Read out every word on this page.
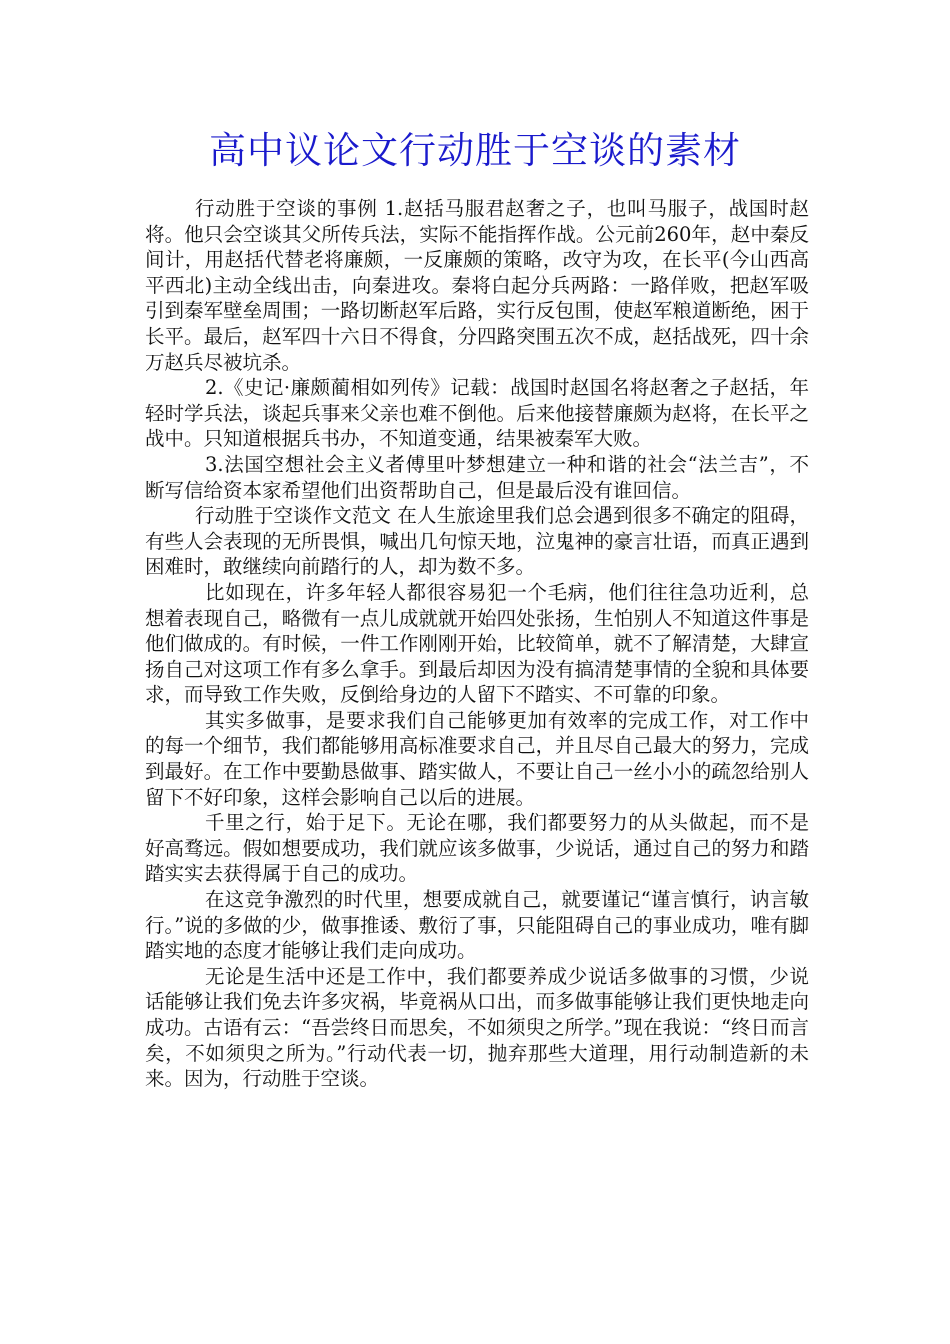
高中议论文行动胜于空谈的素材

行动胜于空谈的事例 1.赵括马服君赵奢之子，也叫马服子，战国时赵将。他只会空谈其父所传兵法，实际不能指挥作战。公元前260年，赵中秦反间计，用赵括代替老将廉颇，一反廉颇的策略，改守为攻，在长平(今山西高平西北)主动全线出击，向秦进攻。秦将白起分兵两路：一路佯败，把赵军吸引到秦军壁垒周围；一路切断赵军后路，实行反包围，使赵军粮道断绝，困于长平。最后，赵军四十六日不得食，分四路突围五次不成，赵括战死，四十余万赵兵尽被坑杀。

2.《史记·廉颇蔺相如列传》记载：战国时赵国名将赵奢之子赵括，年轻时学兵法，谈起兵事来父亲也难不倒他。后来他接替廉颇为赵将，在长平之战中。只知道根据兵书办，不知道变通，结果被秦军大败。

3.法国空想社会主义者傅里叶梦想建立一种和谐的社会“法兰吉”，不断写信给资本家希望他们出资帮助自己，但是最后没有谁回信。

行动胜于空谈作文范文 在人生旅途里我们总会遇到很多不确定的阻碍，有些人会表现的无所畏惧，喊出几句惊天地，泣鬼神的豪言壮语，而真正遇到困难时，敢继续向前踏行的人，却为数不多。

比如现在，许多年轻人都很容易犯一个毛病，他们往往急功近利，总想着表现自己，略微有一点儿成就就开始四处张扬，生怕别人不知道这件事是他们做成的。有时候，一件工作刚刚开始，比较简单，就不了解清楚，大肆宣扬自己对这项工作有多么拿手。到最后却因为没有搞清楚事情的全貌和具体要求，而导致工作失败，反倒给身边的人留下不踏实、不可靠的印象。

其实多做事，是要求我们自己能够更加有效率的完成工作，对工作中的每一个细节，我们都能够用高标准要求自己，并且尽自己最大的努力，完成到最好。在工作中要勤恳做事、踏实做人，不要让自己一丝小小的疏忽给别人留下不好印象，这样会影响自己以后的进展。

千里之行，始于足下。无论在哪，我们都要努力的从头做起，而不是好高骛远。假如想要成功，我们就应该多做事，少说话，通过自己的努力和踏踏实实去获得属于自己的成功。

在这竞争激烈的时代里，想要成就自己，就要谨记“谨言慎行，讷言敏行。”说的多做的少，做事推诿、敷衍了事，只能阻碍自己的事业成功，唯有脚踏实地的态度才能够让我们走向成功。

无论是生活中还是工作中，我们都要养成少说话多做事的习惯，少说话能够让我们免去许多灾祸，毕竟祸从口出，而多做事能够让我们更快地走向成功。古语有云：“吾尝终日而思矣，不如须臾之所学。”现在我说：“终日而言矣，不如须臾之所为。”行动代表一切，抛弃那些大道理，用行动制造新的未来。因为，行动胜于空谈。
